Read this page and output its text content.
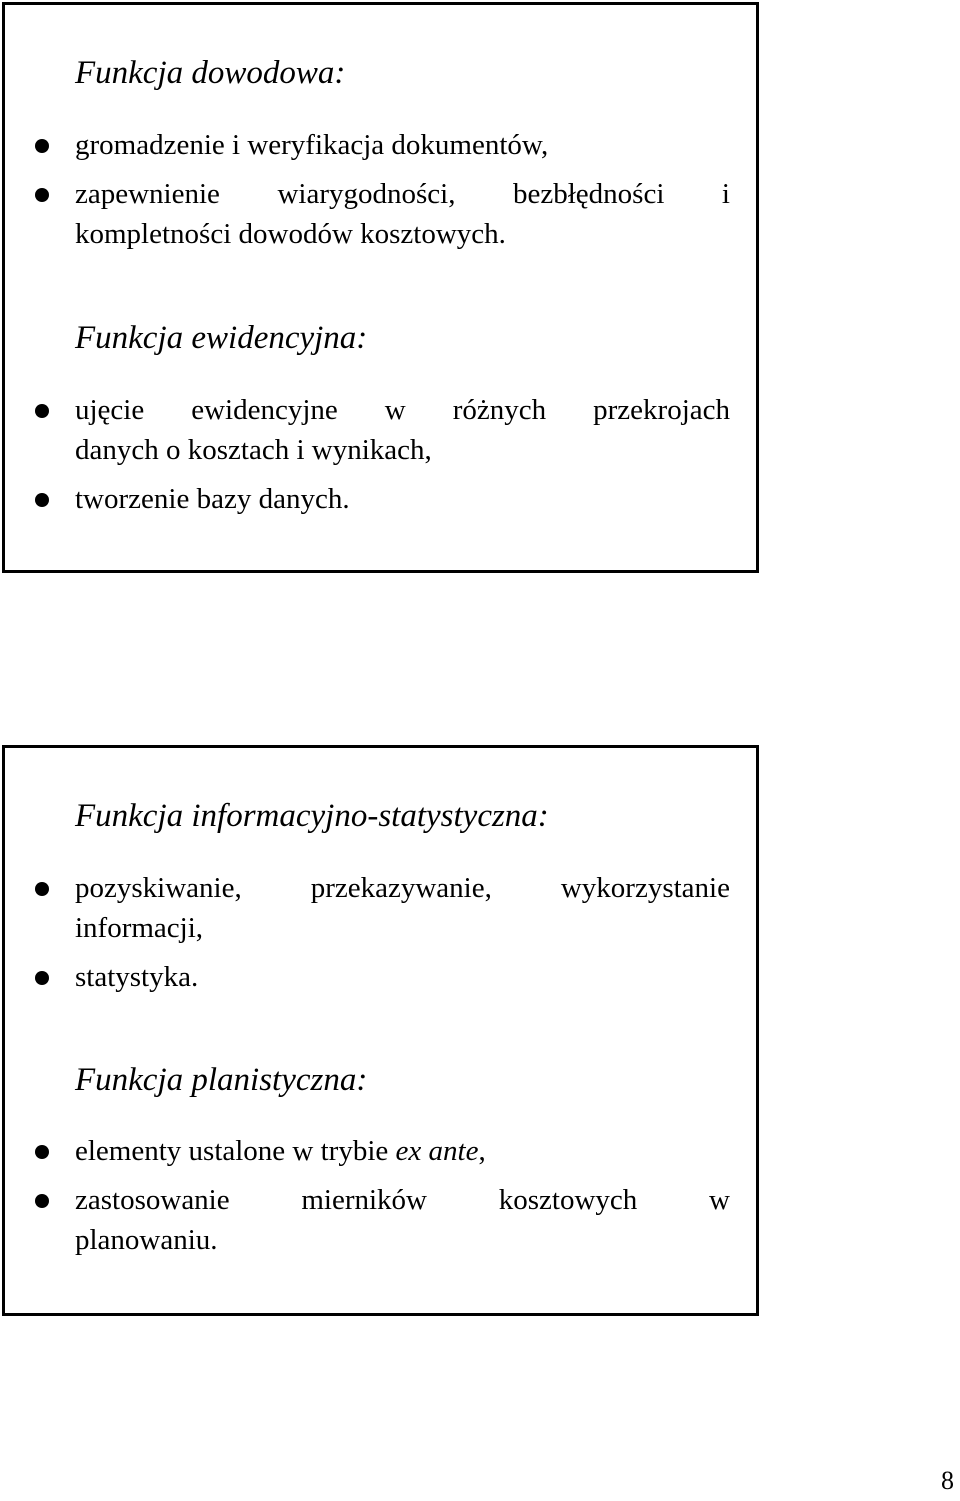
Funkcja dowodowa:
gromadzenie i weryfikacja dokumentów,
zapewnienie wiarygodności, bezbłędności i
kompletności dowodów kosztowych.
Funkcja ewidencyjna:
ujęcie ewidencyjne w różnych przekrojach
danych o kosztach i wynikach,
tworzenie bazy danych.
Funkcja informacyjno-statystyczna:
pozyskiwanie, przekazywanie, wykorzystanie
informacji,
statystyka.
Funkcja planistyczna:
elementy ustalone w trybie ex ante,
zastosowanie mierników kosztowych w
planowaniu.
8
